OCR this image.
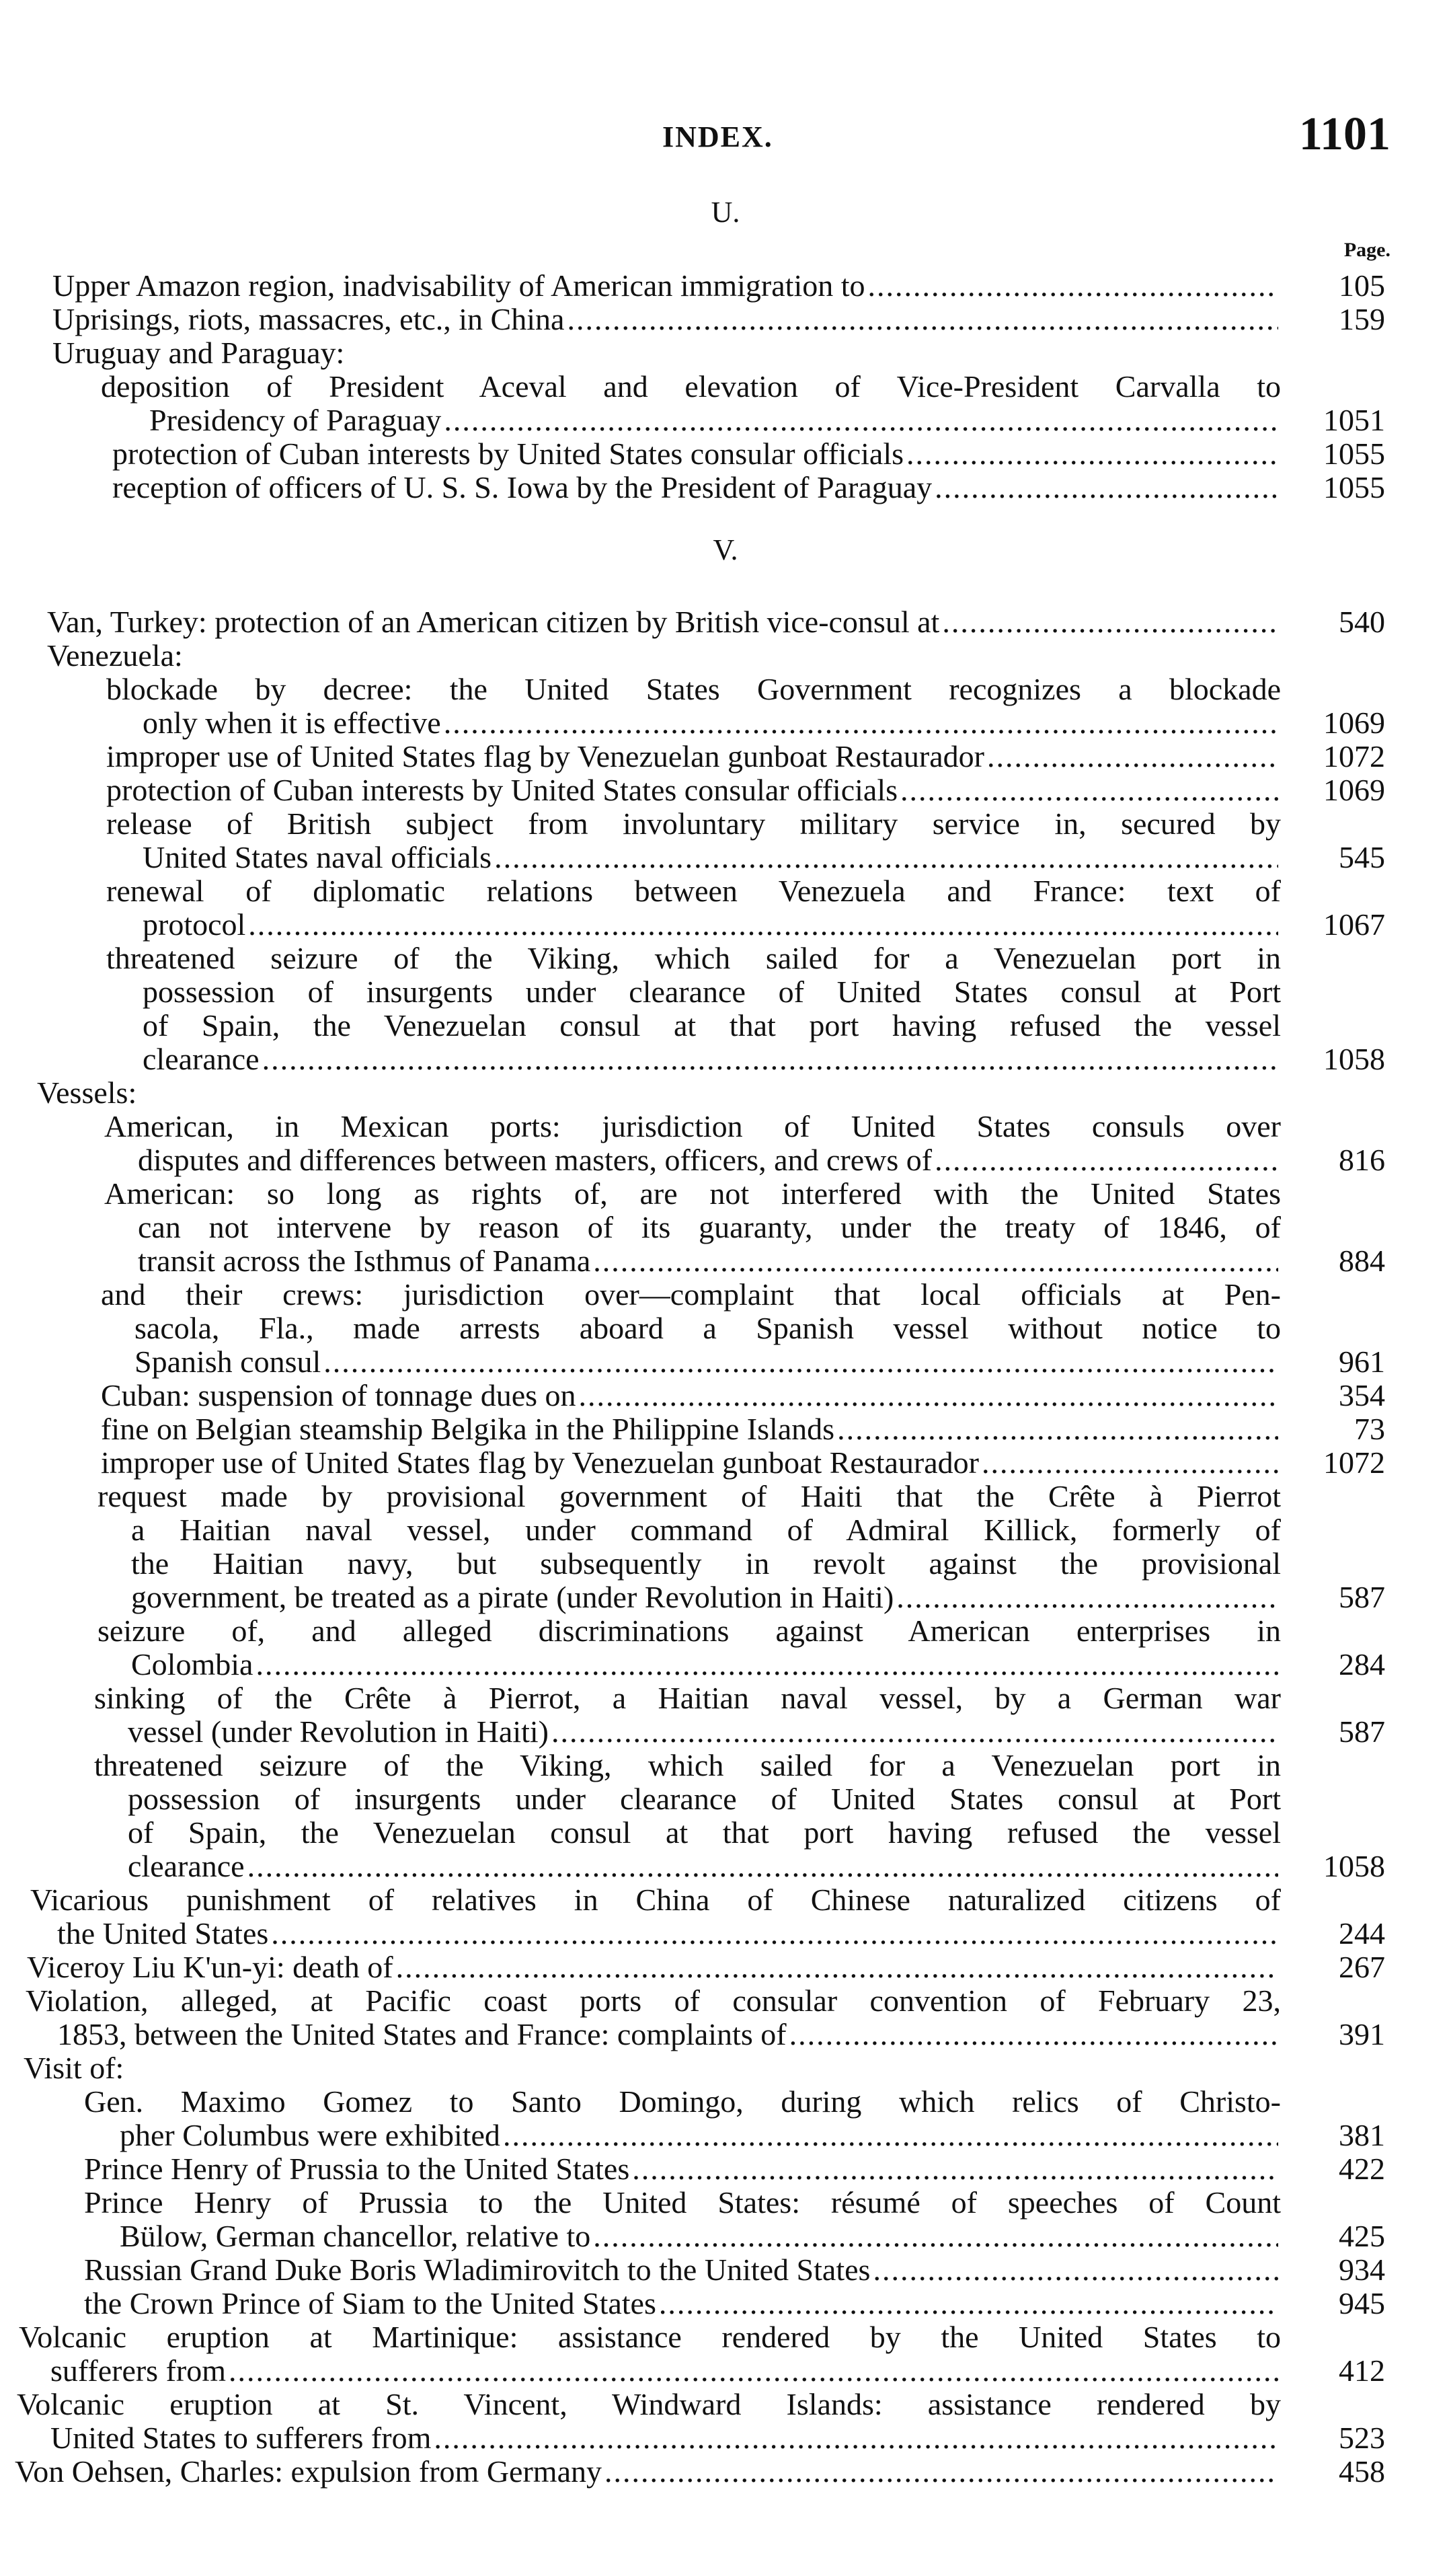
INDEX.	1101
U.
Page.
V.
Upper Amazon region, inadvisability of American immigration to .....	105
Uprisings, riots, massacres, etc., in China .....	159
Uruguay and Paraguay:
deposition of President Aceval and elevation of Vice-President Carvalla to
Presidency of Paraguay .....	1051
protection of Cuban interests by United States consular officials .....	1055
reception of officers of U. S. S. Iowa by the President of Paraguay .....	1055
Van, Turkey: protection of an American citizen by British vice-consul at .....	540
Venezuela:
blockade by decree: the United States Government recognizes a blockade
only when it is effective .....	1069
improper use of United States flag by Venezuelan gunboat Restaurador .....	1072
protection of Cuban interests by United States consular officials .....	1069
release of British subject from involuntary military service in, secured by
United States naval officials .....	545
renewal of diplomatic relations between Venezuela and France: text of
protocol .....	1067
threatened seizure of the Viking, which sailed for a Venezuelan port in
possession of insurgents under clearance of United States consul at Port
of Spain, the Venezuelan consul at that port having refused the vessel
clearance .....	1058
Vessels:
American, in Mexican ports: jurisdiction of United States consuls over
disputes and differences between masters, officers, and crews of .....	816
American: so long as rights of, are not interfered with the United States
can not intervene by reason of its guaranty, under the treaty of 1846, of
transit across the Isthmus of Panama .....	884
and their crews: jurisdiction over—complaint that local officials at Pen-
sacola, Fla., made arrests aboard a Spanish vessel without notice to
Spanish consul .....	961
Cuban: suspension of tonnage dues on .....	354
fine on Belgian steamship Belgika in the Philippine Islands .....	73
improper use of United States flag by Venezuelan gunboat Restaurador .....	1072
request made by provisional government of Haiti that the Crête à Pierrot
a Haitian naval vessel, under command of Admiral Killick, formerly of
the Haitian navy, but subsequently in revolt against the provisional
government, be treated as a pirate (under Revolution in Haiti) .....	587
seizure of, and alleged discriminations against American enterprises in
Colombia .....	284
sinking of the Crête à Pierrot, a Haitian naval vessel, by a German war
vessel (under Revolution in Haiti) .....	587
threatened seizure of the Viking, which sailed for a Venezuelan port in
possession of insurgents under clearance of United States consul at Port
of Spain, the Venezuelan consul at that port having refused the vessel
clearance .....	1058
Vicarious punishment of relatives in China of Chinese naturalized citizens of
the United States .....	244
Viceroy Liu K'un-yi: death of .....	267
Violation, alleged, at Pacific coast ports of consular convention of February 23,
1853, between the United States and France: complaints of .....	391
Visit of:
Gen. Maximo Gomez to Santo Domingo, during which relics of Christo-
pher Columbus were exhibited .....	381
Prince Henry of Prussia to the United States .....	422
Prince Henry of Prussia to the United States: résumé of speeches of Count
Bülow, German chancellor, relative to .....	425
Russian Grand Duke Boris Wladimirovitch to the United States .....	934
the Crown Prince of Siam to the United States .....	945
Volcanic eruption at Martinique: assistance rendered by the United States to
sufferers from .....	412
Volcanic eruption at St. Vincent, Windward Islands: assistance rendered by
United States to sufferers from .....	523
Von Oehsen, Charles: expulsion from Germany .....	458
